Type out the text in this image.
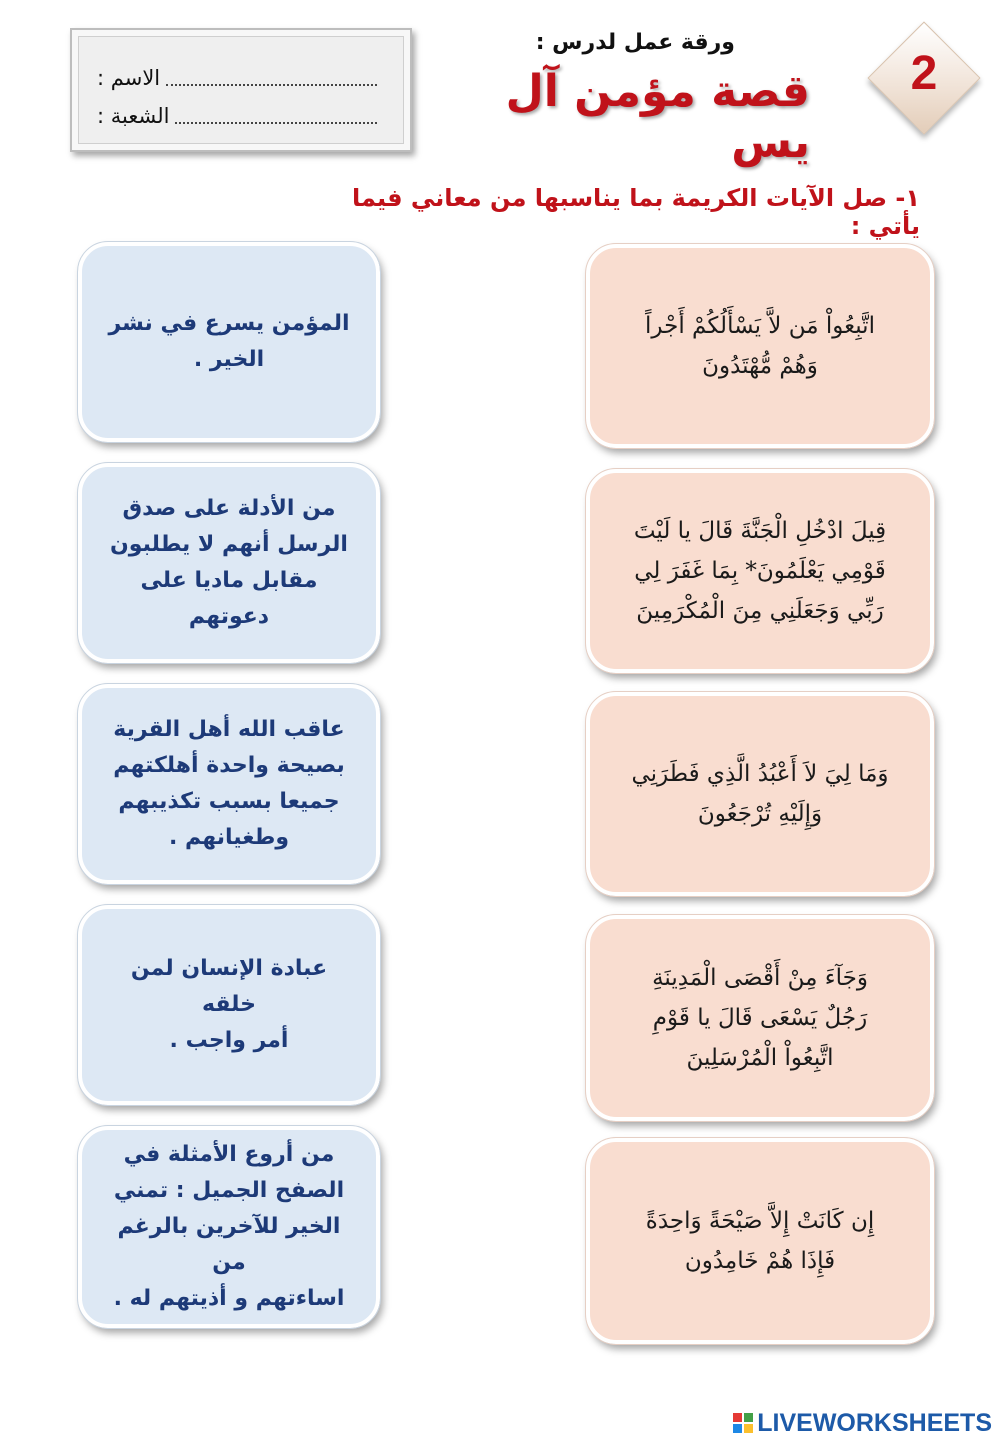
الاسم :
الشعبة :
ورقة عمل لدرس :
قصة مؤمن آل يس
2
١- صل الآيات الكريمة بما يناسبها من معاني فيما يأتي :
المؤمن يسرع في نشر
الخير .
من الأدلة على صدق
الرسل أنهم لا يطلبون
مقابل ماديا على دعوتهم
عاقب الله أهل القرية
بصيحة واحدة أهلكتهم
جميعا بسبب تكذيبهم
وطغيانهم .
عبادة الإنسان لمن خلقه
أمر واجب .
من أروع الأمثلة في
الصفح الجميل : تمني
الخير للآخرين بالرغم من
اساءتهم و أذيتهم له .
اتَّبِعُواْ مَن لاَّ يَسْأَلُكُمْ أَجْراً
وَهُمْ مُّهْتَدُونَ
قِيلَ ادْخُلِ الْجَنَّةَ قَالَ يا لَيْتَ
قَوْمِي يَعْلَمُونَ* بِمَا غَفَرَ لِي
رَبِّي وَجَعَلَنِي مِنَ الْمُكْرَمِينَ
وَمَا لِيَ لاَ أَعْبُدُ الَّذِي فَطَرَنِي
وَإِلَيْهِ تُرْجَعُونَ
وَجَآءَ مِنْ أَقْصَى الْمَدِينَةِ
رَجُلٌ يَسْعَى قَالَ يا قَوْمِ
اتَّبِعُواْ الْمُرْسَلِينَ
إِن كَانَتْ إِلاَّ صَيْحَةً وَاحِدَةً
فَإِذَا هُمْ خَامِدُون
LIVEWORKSHEETS
